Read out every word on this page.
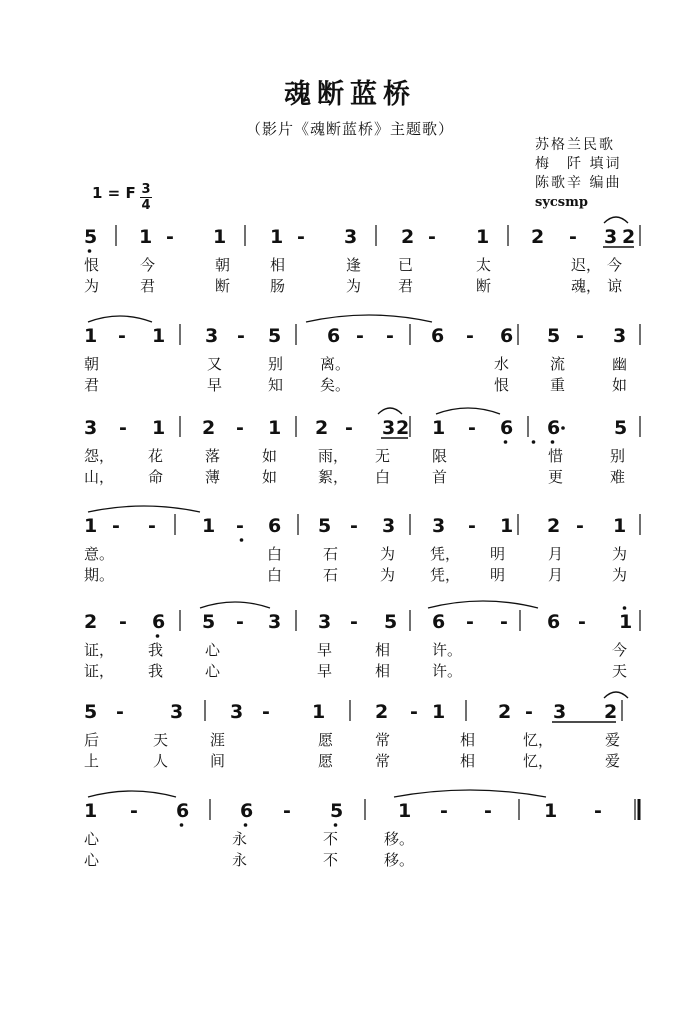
魂断蓝桥
（影片《魂断蓝桥》主题歌）
苏格兰民歌
梅　阡 填词
陈歌辛 编曲
sycsmp
1 = F 3
4
5 1 - 1 1 - 3 2 - 1 2 - 3 2
恨	今	朝	相	逢 已	太	迟， 今
为	君	断	肠	为 君	断	魂， 谅
1 - 1 3 - 5 6 - - 6 - 6 5 - 3
朝	又	别 离。	水	流	幽
君	早	知 矣。	恨	重	如
3 - 1 2 - 1 2 - 3 2 1 - 6 6	5
怨， 花	落	如	雨， 无	限	惜	别
山， 命	薄	如	絮， 白	首	更	难
1 - - 1 - 6 5 - 3 3 - 1 2 - 1
意。	白	石	为 凭， 明	月	为
期。	白	石	为 凭， 明	月	为
2 - 6 5 - 3 3 - 5 6 - - 6 - 1
证， 我	心	早	相	许。	今
证， 我	心	早	相	许。	天
5 - 3 3 - 1	2 - 1	2 - 3 2
后	天	涯	愿	常	相	忆，	爱
上	人	间	愿	常	相	忆，	爱
1 - 6	6 - 5	1 - -	1 -
心	永	不	移。
心	永	不	移。
